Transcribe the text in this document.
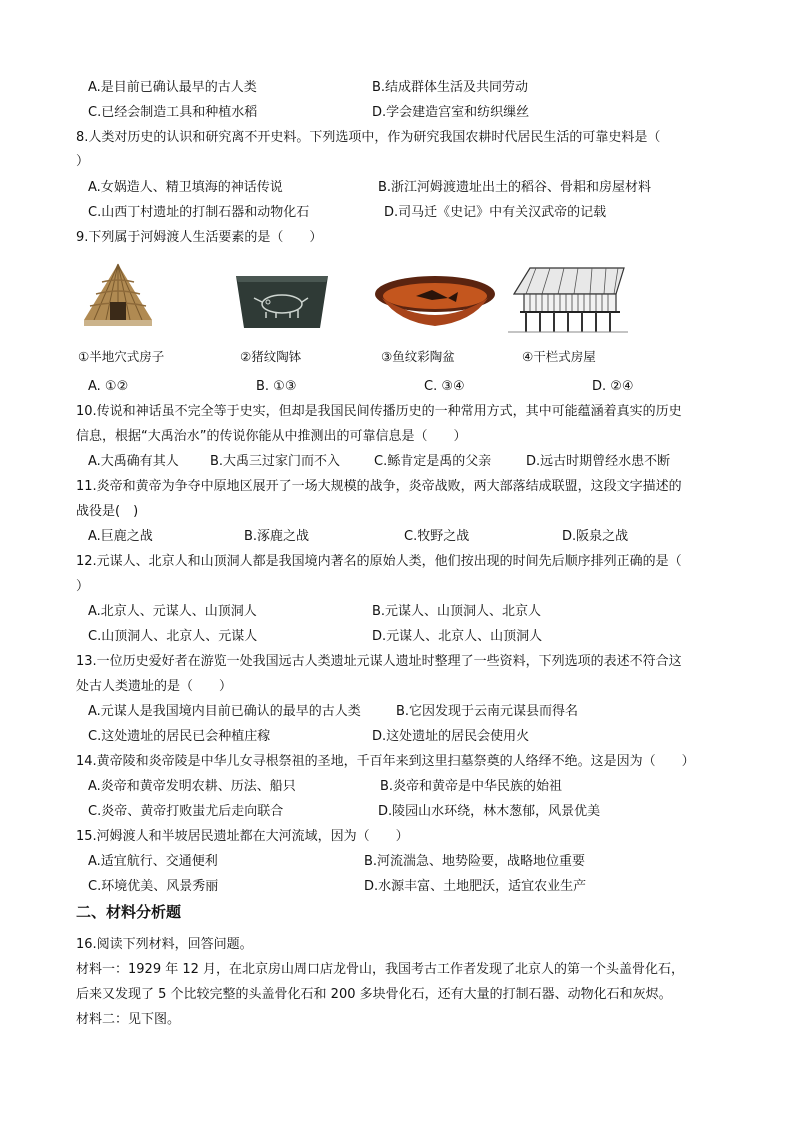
A.是目前已确认最早的古人类	B.结成群体生活及共同劳动
C.已经会制造工具和种植水稻	D.学会建造宫室和纺织缫丝
8.人类对历史的认识和研究离不开史料。下列选项中，作为研究我国农耕时代居民生活的可靠史料是（
）
A.女娲造人、精卫填海的神话传说	B.浙江河姆渡遗址出土的稻谷、骨耜和房屋材料
C.山西丁村遗址的打制石器和动物化石	D.司马迁《史记》中有关汉武帝的记载
9.下列属于河姆渡人生活要素的是（　　）
①半地穴式房子	②猪纹陶钵	③鱼纹彩陶盆	④干栏式房屋
A. ①②	B. ①③	C. ③④	D. ②④
10.传说和神话虽不完全等于史实，但却是我国民间传播历史的一种常用方式，其中可能蕴涵着真实的历史
信息，根据“大禹治水”的传说你能从中推测出的可靠信息是（　　）
A.大禹确有其人 B.大禹三过家门而不入	C.鲧肯定是禹的父亲	D.远古时期曾经水患不断
11.炎帝和黄帝为争夺中原地区展开了一场大规模的战争，炎帝战败，两大部落结成联盟，这段文字描述的
战役是(　)
A.巨鹿之战	B.涿鹿之战	C.牧野之战	D.阪泉之战
12.元谋人、北京人和山顶洞人都是我国境内著名的原始人类，他们按出现的时间先后顺序排列正确的是（
）
A.北京人、元谋人、山顶洞人	B.元谋人、山顶洞人、北京人
C.山顶洞人、北京人、元谋人	D.元谋人、北京人、山顶洞人
13.一位历史爱好者在游览一处我国远古人类遗址元谋人遗址时整理了一些资料，下列选项的表述不符合这
处古人类遗址的是（　　）
A.元谋人是我国境内目前已确认的最早的古人类	B.它因发现于云南元谋县而得名
C.这处遗址的居民已会种植庄稼	D.这处遗址的居民会使用火
14.黄帝陵和炎帝陵是中华儿女寻根祭祖的圣地，千百年来到这里扫墓祭奠的人络绎不绝。这是因为（　　）
A.炎帝和黄帝发明农耕、历法、船只	B.炎帝和黄帝是中华民族的始祖
C.炎帝、黄帝打败蚩尤后走向联合	D.陵园山水环绕，林木葱郁，风景优美
15.河姆渡人和半坡居民遗址都在大河流域，因为（　　）
A.适宜航行、交通便利	B.河流湍急、地势险要，战略地位重要
C.环境优美、风景秀丽	D.水源丰富、土地肥沃，适宜农业生产
二、材料分析题
16.阅读下列材料，回答问题。
材料一：1929 年 12 月，在北京房山周口店龙骨山，我国考古工作者发现了北京人的第一个头盖骨化石，
后来又发现了 5 个比较完整的头盖骨化石和 200 多块骨化石，还有大量的打制石器、动物化石和灰烬。
材料二：见下图。
